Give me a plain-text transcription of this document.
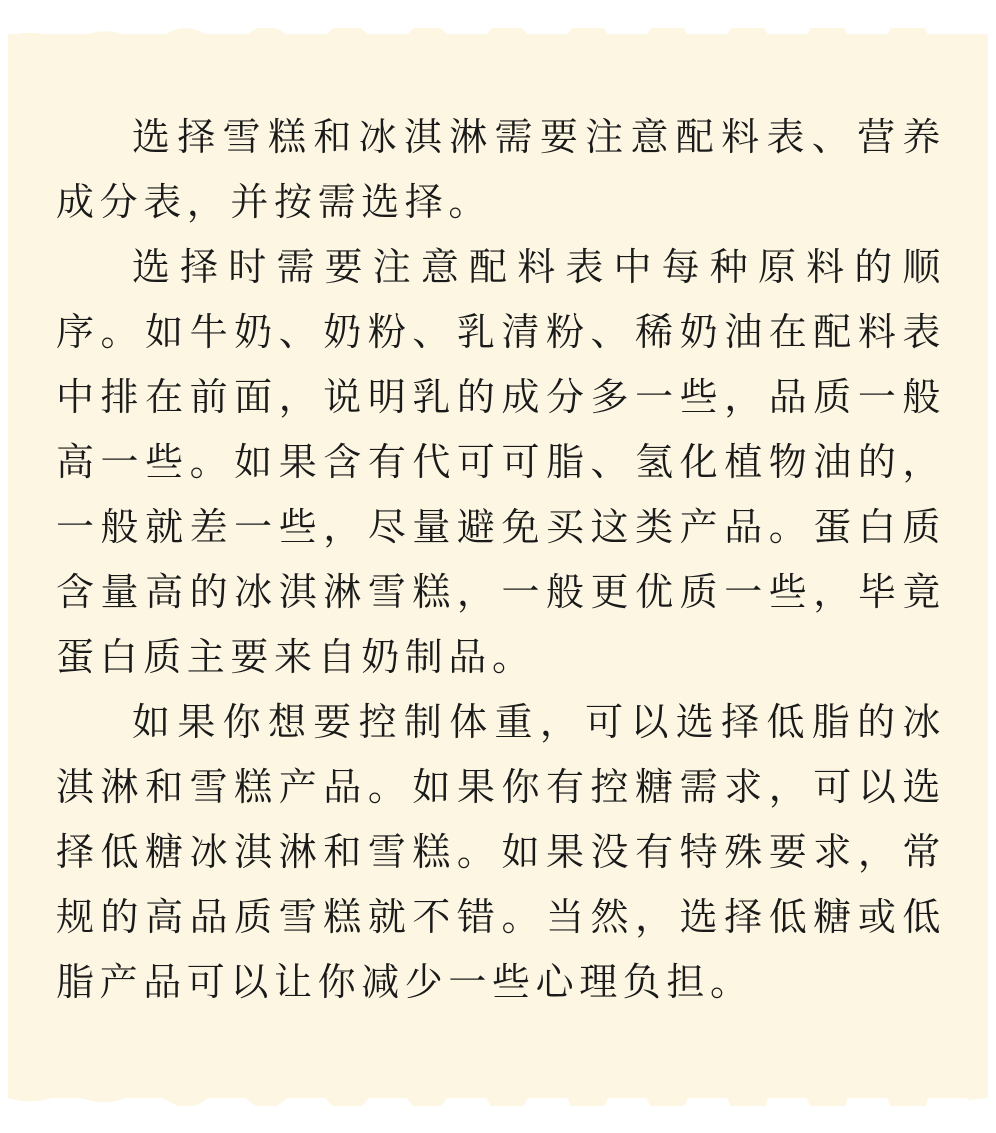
选择雪糕和冰淇淋需要注意配料表、营养成分表，并按需选择。

选择时需要注意配料表中每种原料的顺序。如牛奶、奶粉、乳清粉、稀奶油在配料表中排在前面，说明乳的成分多一些，品质一般高一些。如果含有代可可脂、氢化植物油的，一般就差一些，尽量避免买这类产品。蛋白质含量高的冰淇淋雪糕，一般更优质一些，毕竟蛋白质主要来自奶制品。

如果你想要控制体重，可以选择低脂的冰淇淋和雪糕产品。如果你有控糖需求，可以选择低糖冰淇淋和雪糕。如果没有特殊要求，常规的高品质雪糕就不错。当然，选择低糖或低脂产品可以让你减少一些心理负担。
